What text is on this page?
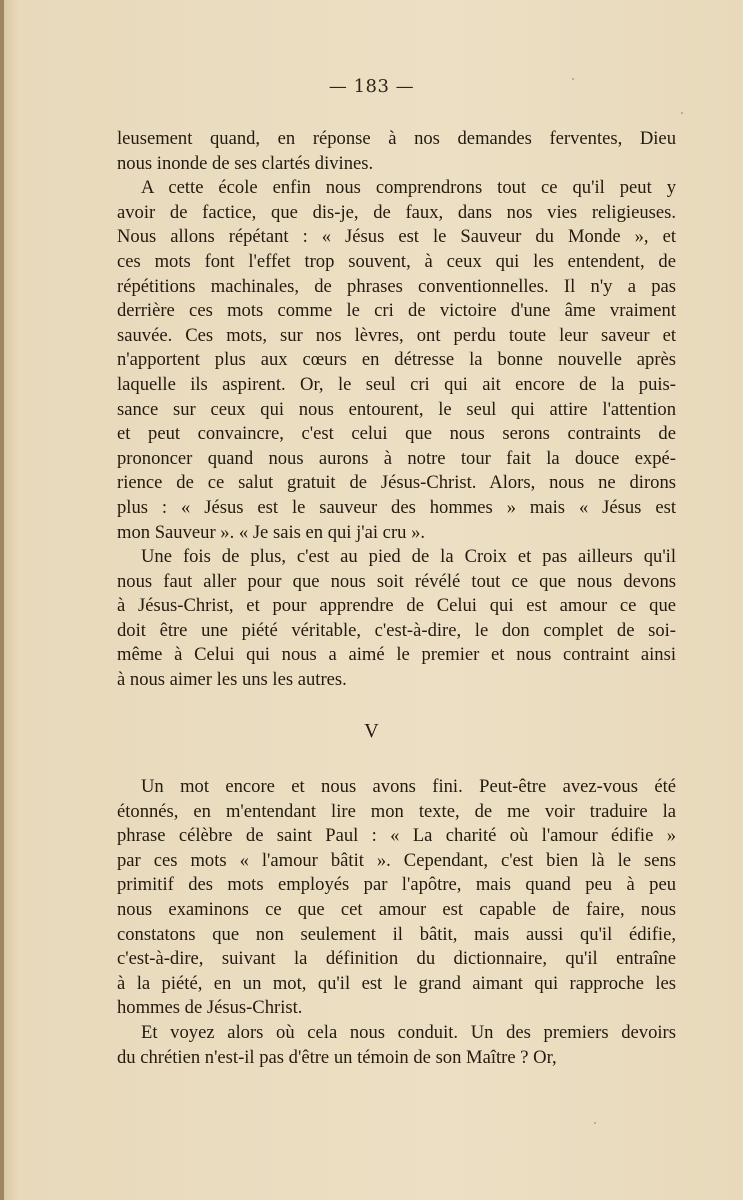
— 183 —

leusement quand, en réponse à nos demandes ferventes, Dieu

nous inonde de ses clartés divines.

A cette école enfin nous comprendrons tout ce qu'il peut y

avoir de factice, que dis-je, de faux, dans nos vies religieuses.

Nous allons répétant : « Jésus est le Sauveur du Monde », et

ces mots font l'effet trop souvent, à ceux qui les entendent, de

répétitions machinales, de phrases conventionnelles. Il n'y a pas

derrière ces mots comme le cri de victoire d'une âme vraiment

sauvée. Ces mots, sur nos lèvres, ont perdu toute leur saveur et

n'apportent plus aux cœurs en détresse la bonne nouvelle après

laquelle ils aspirent. Or, le seul cri qui ait encore de la puis-

sance sur ceux qui nous entourent, le seul qui attire l'attention

et peut convaincre, c'est celui que nous serons contraints de

prononcer quand nous aurons à notre tour fait la douce expé-

rience de ce salut gratuit de Jésus-Christ. Alors, nous ne dirons

plus : « Jésus est le sauveur des hommes » mais « Jésus est

mon Sauveur ». « Je sais en qui j'ai cru ».

Une fois de plus, c'est au pied de la Croix et pas ailleurs qu'il

nous faut aller pour que nous soit révélé tout ce que nous devons

à Jésus-Christ, et pour apprendre de Celui qui est amour ce que

doit être une piété véritable, c'est-à-dire, le don complet de soi-

même à Celui qui nous a aimé le premier et nous contraint ainsi

à nous aimer les uns les autres.

V

Un mot encore et nous avons fini. Peut-être avez-vous été

étonnés, en m'entendant lire mon texte, de me voir traduire la

phrase célèbre de saint Paul : « La charité où l'amour édifie »

par ces mots « l'amour bâtit ». Cependant, c'est bien là le sens

primitif des mots employés par l'apôtre, mais quand peu à peu

nous examinons ce que cet amour est capable de faire, nous

constatons que non seulement il bâtit, mais aussi qu'il édifie,

c'est-à-dire, suivant la définition du dictionnaire, qu'il entraîne

à la piété, en un mot, qu'il est le grand aimant qui rapproche les

hommes de Jésus-Christ.

Et voyez alors où cela nous conduit. Un des premiers devoirs

du chrétien n'est-il pas d'être un témoin de son Maître ? Or,
